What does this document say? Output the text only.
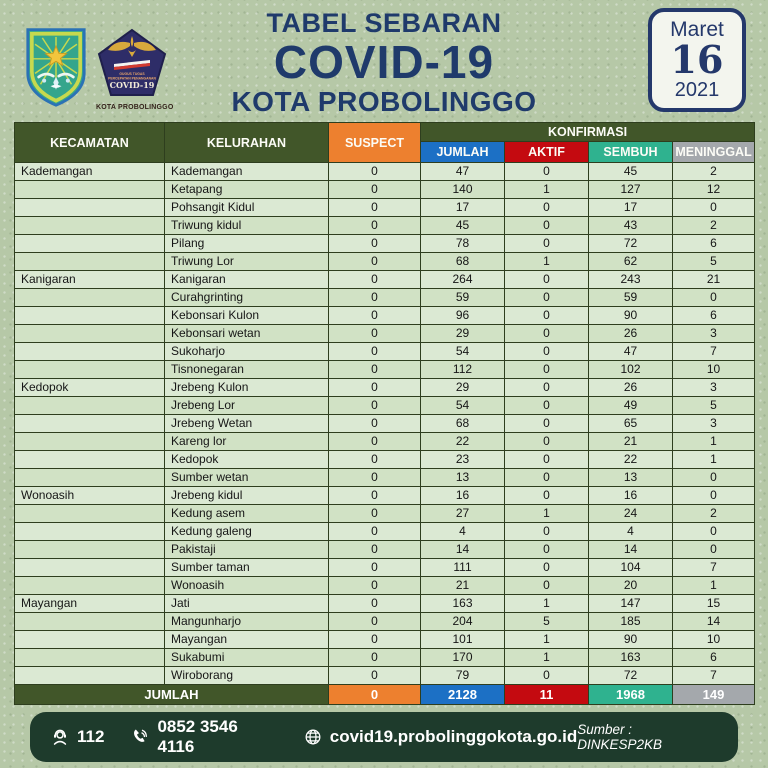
GUGUS TUGAS
PERCEPATAN PENANGANAN
COVID-19
KOTA PROBOLINGGO
TABEL SEBARAN
COVID-19
KOTA PROBOLINGGO
Maret
16
2021
KECAMATAN	KELURAHAN	SUSPECT	KONFIRMASI			
			JUMLAH	AKTIF	SEMBUH	MENINGGAL
Kademangan	Kademangan	0	47	0	45	2
	Ketapang	0	140	1	127	12
	Pohsangit Kidul	0	17	0	17	0
	Triwung kidul	0	45	0	43	2
	Pilang	0	78	0	72	6
	Triwung Lor	0	68	1	62	5
Kanigaran	Kanigaran	0	264	0	243	21
	Curahgrinting	0	59	0	59	0
	Kebonsari Kulon	0	96	0	90	6
	Kebonsari wetan	0	29	0	26	3
	Sukoharjo	0	54	0	47	7
	Tisnonegaran	0	112	0	102	10
Kedopok	Jrebeng Kulon	0	29	0	26	3
	Jrebeng Lor	0	54	0	49	5
	Jrebeng Wetan	0	68	0	65	3
	Kareng lor	0	22	0	21	1
	Kedopok	0	23	0	22	1
	Sumber wetan	0	13	0	13	0
Wonoasih	Jrebeng kidul	0	16	0	16	0
	Kedung asem	0	27	1	24	2
	Kedung galeng	0	4	0	4	0
	Pakistaji	0	14	0	14	0
	Sumber taman	0	111	0	104	7
	Wonoasih	0	21	0	20	1
Mayangan	Jati	0	163	1	147	15
	Mangunharjo	0	204	5	185	14
	Mayangan	0	101	1	90	10
	Sukabumi	0	170	1	163	6
	Wiroborang	0	79	0	72	7
JUMLAH		0	2128	11	1968	149
112
0852 3546 4116
covid19.probolinggokota.go.id Sumber : DINKESP2KB
